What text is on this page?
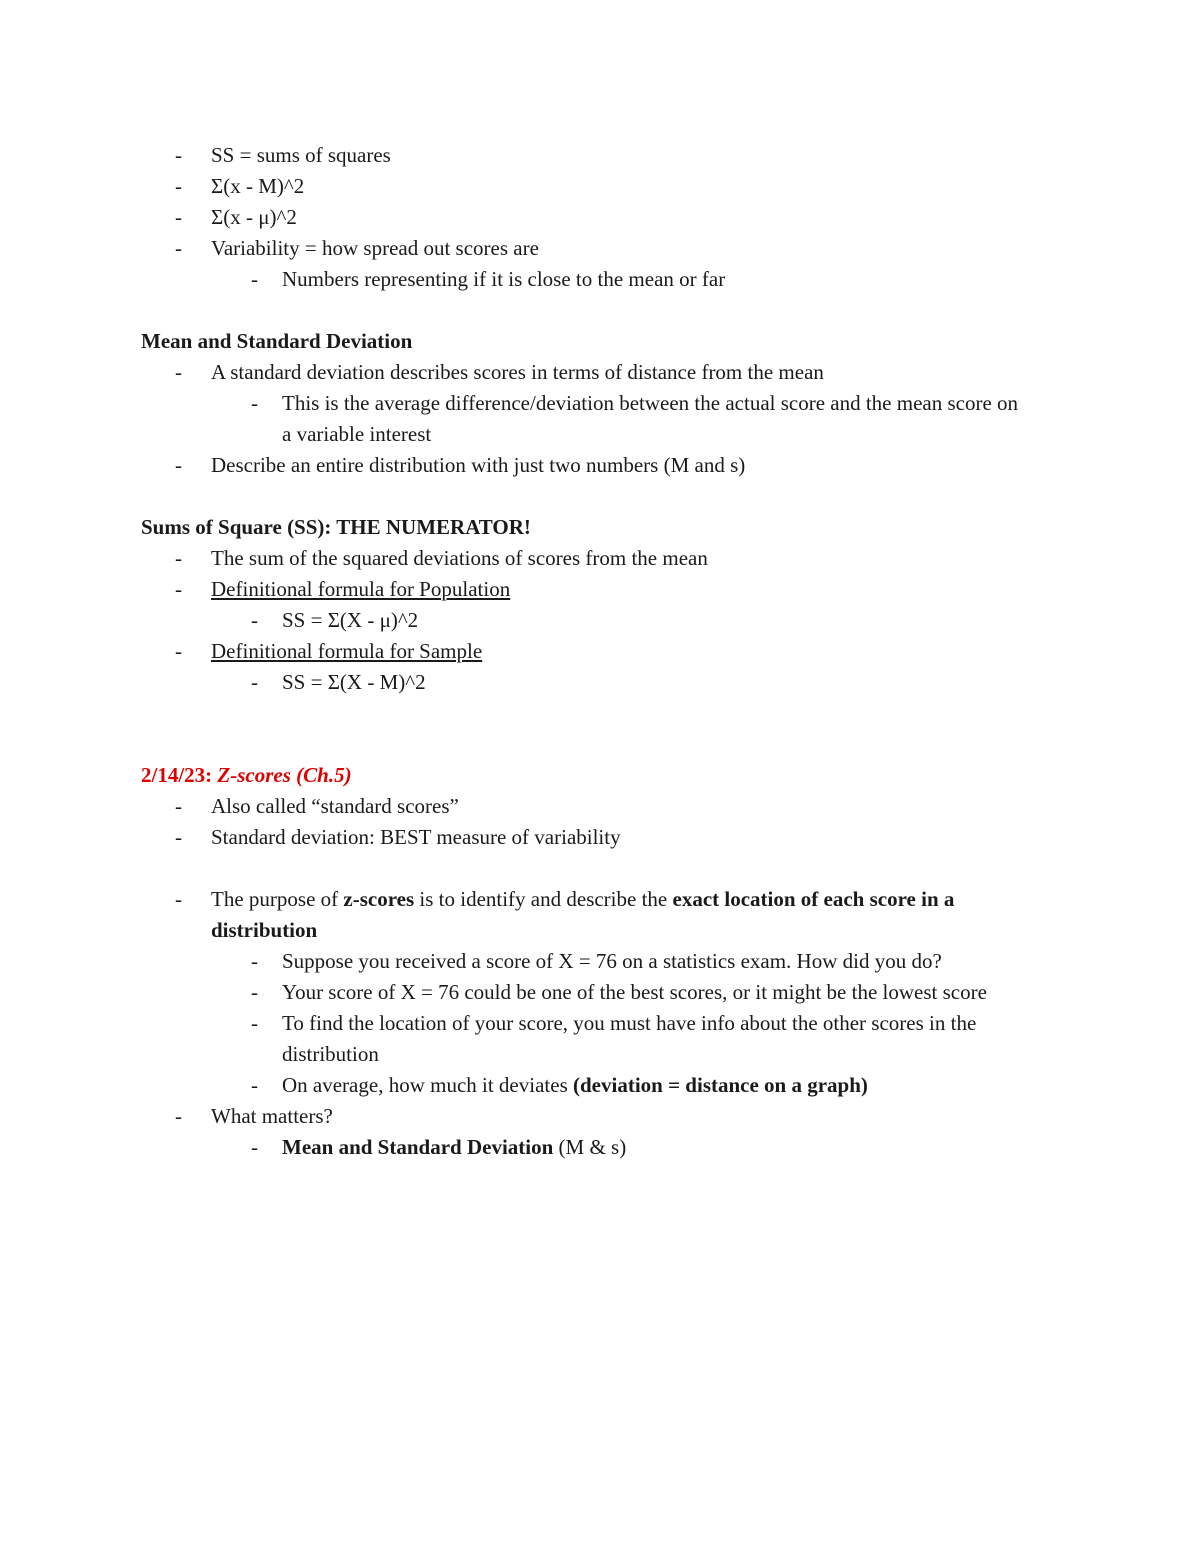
- SS = sums of squares
- Σ(x - M)^2
- Σ(x - μ)^2
- Variability = how spread out scores are
- Numbers representing if it is close to the mean or far
Mean and Standard Deviation
- A standard deviation describes scores in terms of distance from the mean
- This is the average difference/deviation between the actual score and the mean score on a variable interest
- Describe an entire distribution with just two numbers (M and s)
Sums of Square (SS): THE NUMERATOR!
- The sum of the squared deviations of scores from the mean
- Definitional formula for Population
- SS = Σ(X - μ)^2
- Definitional formula for Sample
- SS = Σ(X - M)^2
2/14/23: Z-scores (Ch.5)
- Also called “standard scores”
- Standard deviation: BEST measure of variability
- The purpose of z-scores is to identify and describe the exact location of each score in a distribution
- Suppose you received a score of X = 76 on a statistics exam. How did you do?
- Your score of X = 76 could be one of the best scores, or it might be the lowest score
- To find the location of your score, you must have info about the other scores in the distribution
- On average, how much it deviates (deviation = distance on a graph)
- What matters?
- Mean and Standard Deviation (M & s)
